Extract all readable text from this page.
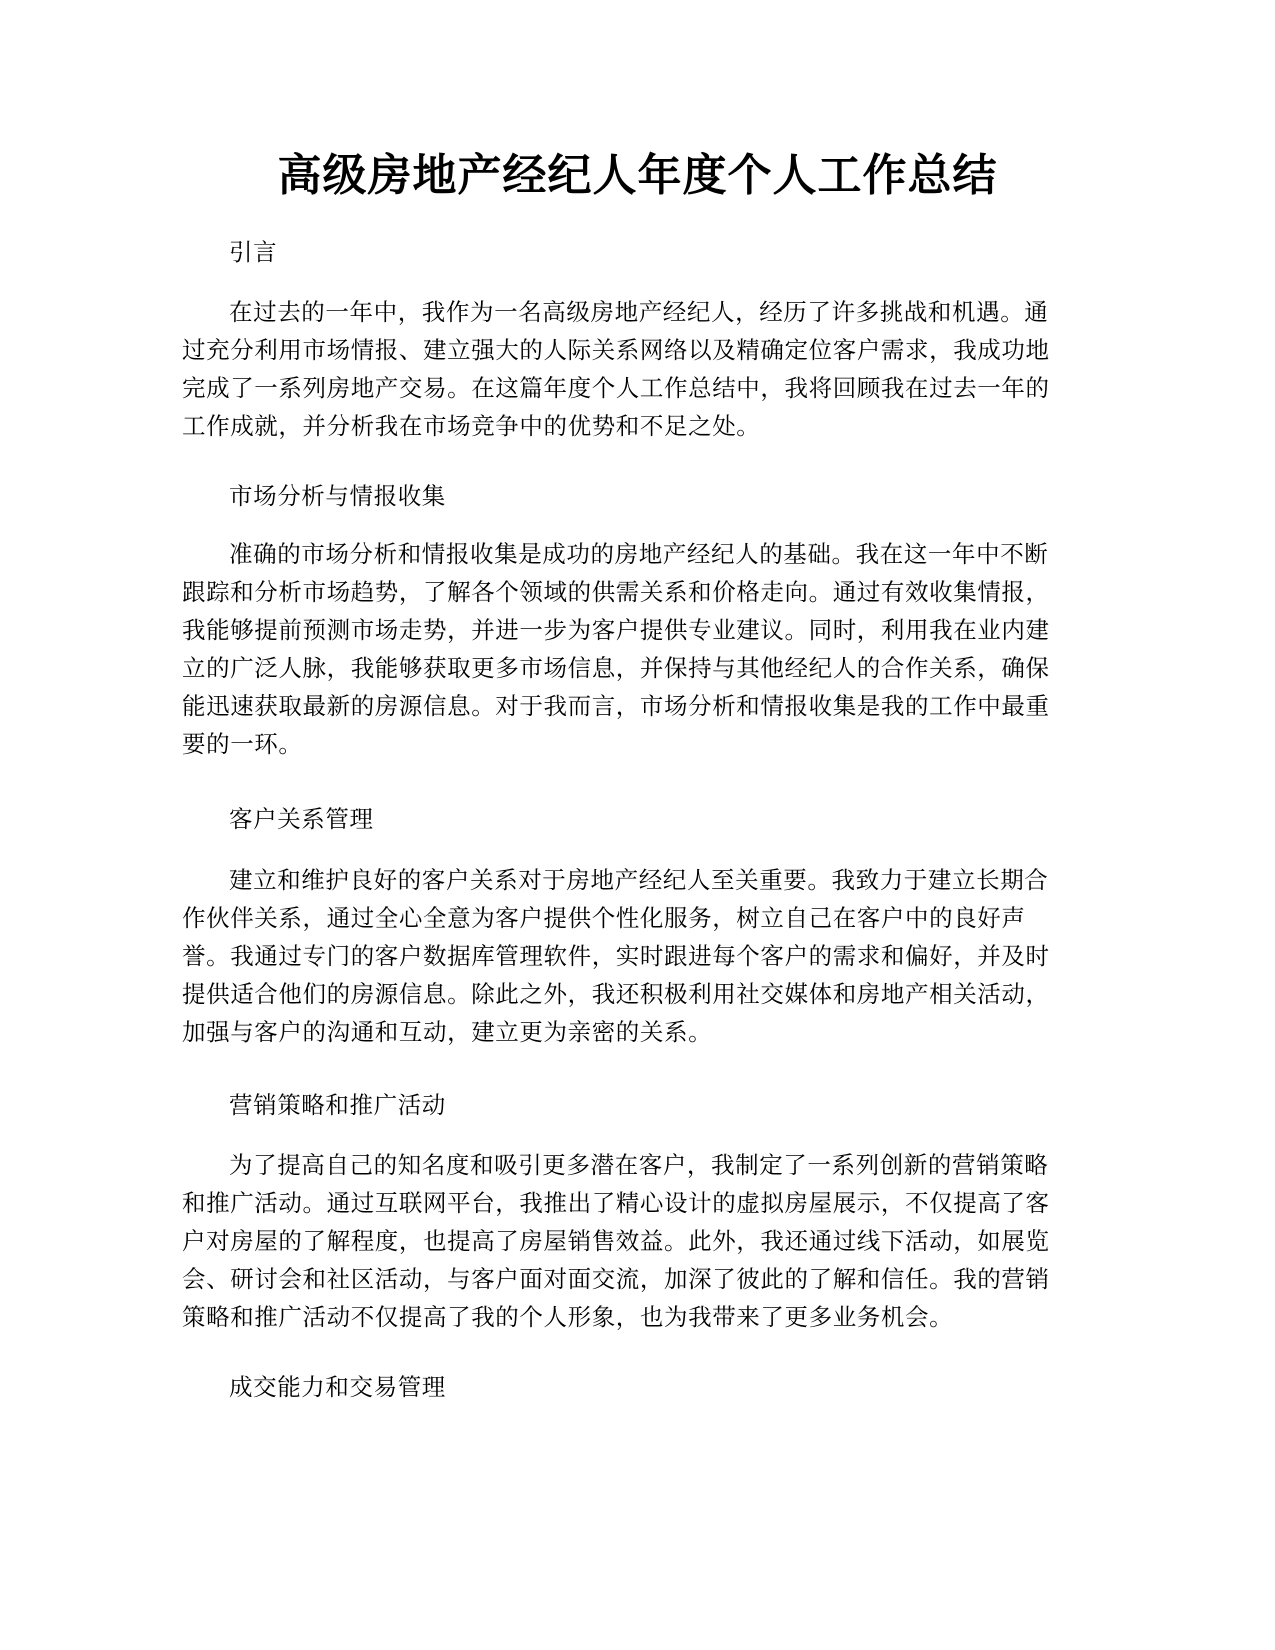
高级房地产经纪人年度个人工作总结

引言

在过去的一年中，我作为一名高级房地产经纪人，经历了许多挑战和机遇。通
过充分利用市场情报、建立强大的人际关系网络以及精确定位客户需求，我成功地
完成了一系列房地产交易。在这篇年度个人工作总结中，我将回顾我在过去一年的
工作成就，并分析我在市场竞争中的优势和不足之处。

市场分析与情报收集

准确的市场分析和情报收集是成功的房地产经纪人的基础。我在这一年中不断
跟踪和分析市场趋势，了解各个领域的供需关系和价格走向。通过有效收集情报，
我能够提前预测市场走势，并进一步为客户提供专业建议。同时，利用我在业内建
立的广泛人脉，我能够获取更多市场信息，并保持与其他经纪人的合作关系，确保
能迅速获取最新的房源信息。对于我而言，市场分析和情报收集是我的工作中最重
要的一环。

客户关系管理

建立和维护良好的客户关系对于房地产经纪人至关重要。我致力于建立长期合
作伙伴关系，通过全心全意为客户提供个性化服务，树立自己在客户中的良好声
誉。我通过专门的客户数据库管理软件，实时跟进每个客户的需求和偏好，并及时
提供适合他们的房源信息。除此之外，我还积极利用社交媒体和房地产相关活动，
加强与客户的沟通和互动，建立更为亲密的关系。

营销策略和推广活动

为了提高自己的知名度和吸引更多潜在客户，我制定了一系列创新的营销策略
和推广活动。通过互联网平台，我推出了精心设计的虚拟房屋展示，不仅提高了客
户对房屋的了解程度，也提高了房屋销售效益。此外，我还通过线下活动，如展览
会、研讨会和社区活动，与客户面对面交流，加深了彼此的了解和信任。我的营销
策略和推广活动不仅提高了我的个人形象，也为我带来了更多业务机会。

成交能力和交易管理
